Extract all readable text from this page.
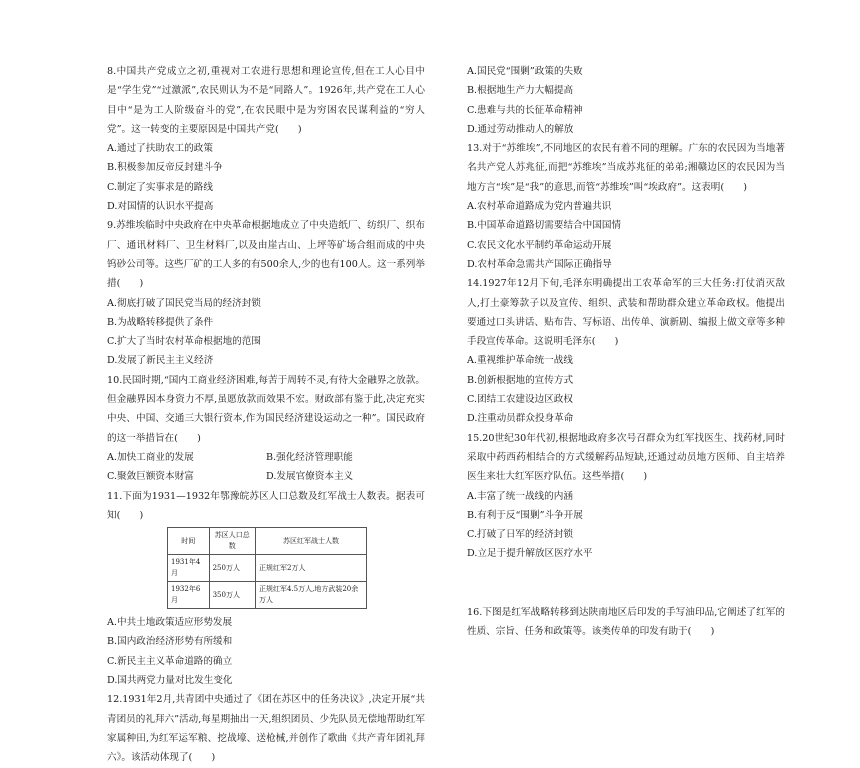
8.中国共产党成立之初,重视对工农进行思想和理论宣传,但在工人心目中是“学生党”“过激派”,农民则认为不是“同路人”。1926年,共产党在工人心目中“是为工人阶级奋斗的党”,在农民眼中是为穷困农民谋利益的“穷人党”。这一转变的主要原因是中国共产党(　　)

A.通过了扶助农工的政策

B.积极参加反帝反封建斗争

C.制定了实事求是的路线

D.对国情的认识水平提高

9.苏维埃临时中央政府在中央革命根据地成立了中央造纸厂、纺织厂、织布厂、通讯材料厂、卫生材料厂,以及由崖古山、上坪等矿场合组而成的中央钨砂公司等。这些厂矿的工人多的有500余人,少的也有100人。这一系列举措(　　)

A.彻底打破了国民党当局的经济封锁

B.为战略转移提供了条件

C.扩大了当时农村革命根据地的范围

D.发展了新民主主义经济

10.民国时期,“国内工商业经济困难,每苦于周转不灵,有待大金融界之放款。但金融界因本身资力不厚,虽愿放款而效果不宏。财政部有鉴于此,决定充实中央、中国、交通三大银行资本,作为国民经济建设运动之一种”。国民政府的这一举措旨在(　　)

A.加快工商业的发展	B.强化经济管理职能

C.聚敛巨额资本财富	D.发展官僚资本主义

11.下面为1931—1932年鄂豫皖苏区人口总数及红军战士人数表。据表可知(　　)

时间	苏区人口总数	苏区红军战士人数
1931年4月	250万人	正规红军2万人
1932年6月	350万人	正规红军4.5万人,地方武装20余万人

A.中共土地政策适应形势发展

B.国内政治经济形势有所缓和

C.新民主主义革命道路的确立

D.国共两党力量对比发生变化

12.1931年2月,共青团中央通过了《团在苏区中的任务决议》,决定开展“共青团员的礼拜六”活动,每星期抽出一天,组织团员、少先队员无偿地帮助红军家属种田,为红军运军粮、挖战壕、送枪械,并创作了歌曲《共产青年团礼拜六》。该活动体现了(　　)

A.国民党“围剿”政策的失败

B.根据地生产力大幅提高

C.患难与共的长征革命精神

D.通过劳动推动人的解放

13.对于“苏维埃”,不同地区的农民有着不同的理解。广东的农民因为当地著名共产党人苏兆征,而把“苏维埃”当成苏兆征的弟弟;湘赣边区的农民因为当地方言“埃”是“我”的意思,而管“苏维埃”叫“埃政府”。这表明(　　)

A.农村革命道路成为党内普遍共识

B.中国革命道路切需要结合中国国情

C.农民文化水平制约革命运动开展

D.农村革命急需共产国际正确指导

14.1927年12月下旬,毛泽东明确提出工农革命军的三大任务:打仗消灭敌人,打土豪筹款子以及宣传、组织、武装和帮助群众建立革命政权。他提出要通过口头讲话、贴布告、写标语、出传单、演新剧、编报上做文章等多种手段宣传革命。这说明毛泽东(　　)

A.重视维护革命统一战线

B.创新根据地的宣传方式

C.团结工农建设边区政权

D.注重动员群众投身革命

15.20世纪30年代初,根据地政府多次号召群众为红军找医生、找药材,同时采取中药西药相结合的方式缓解药品短缺,还通过动员地方医师、自主培养医生来壮大红军医疗队伍。这些举措(　　)

A.丰富了统一战线的内涵

B.有利于反“围剿”斗争开展

C.打破了日军的经济封锁

D.立足于提升解放区医疗水平

16.下图是红军战略转移到达陕南地区后印发的手写油印品,它阐述了红军的性质、宗旨、任务和政策等。该类传单的印发有助于(　　)
